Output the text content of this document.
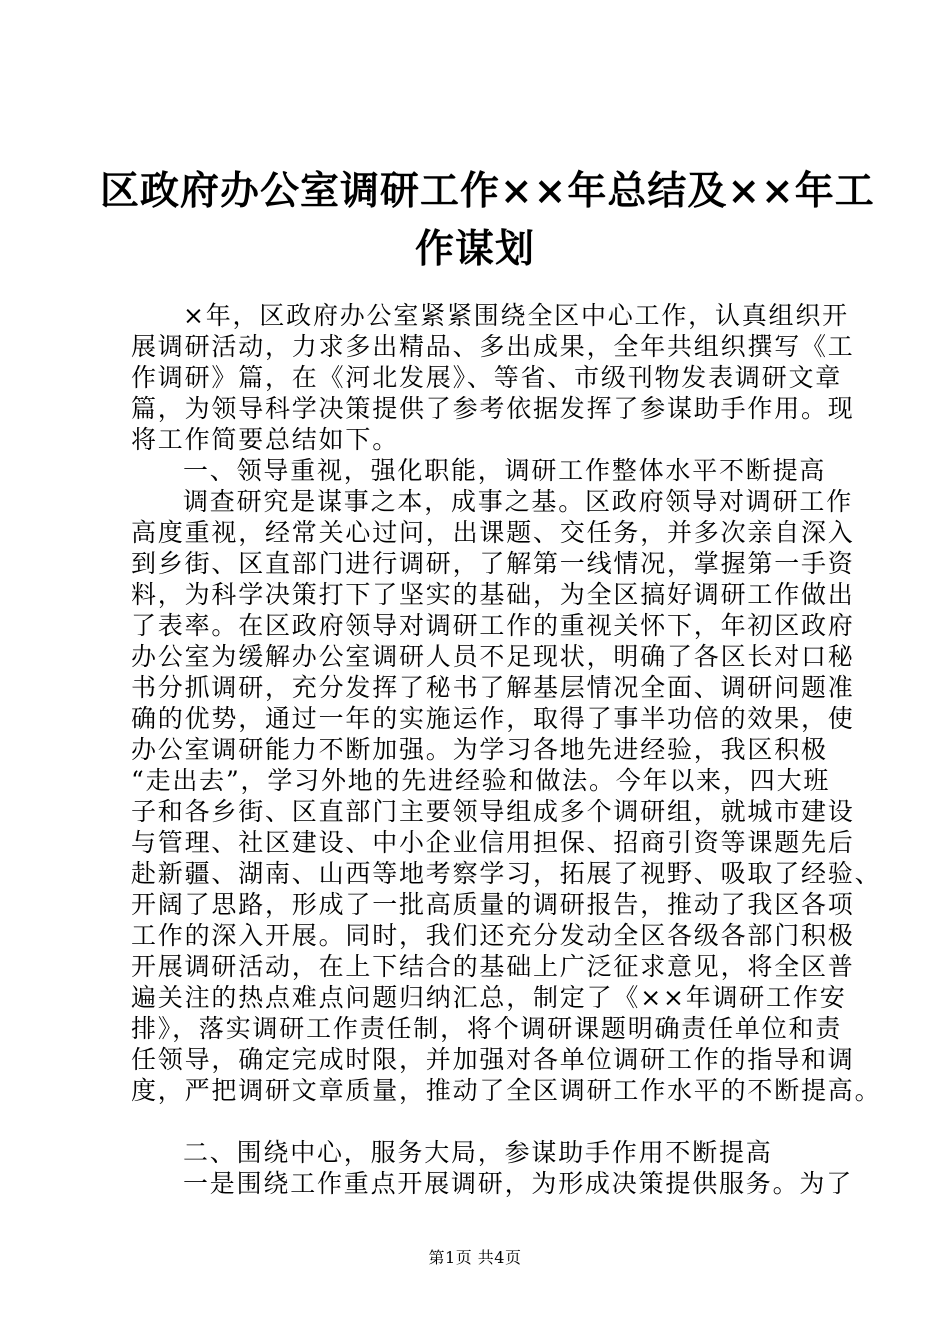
区政府办公室调研工作××年总结及××年工
作谋划
×年，区政府办公室紧紧围绕全区中心工作，认真组织开
展调研活动，力求多出精品、多出成果，全年共组织撰写《工
作调研》篇，在《河北发展》、等省、市级刊物发表调研文章
篇，为领导科学决策提供了参考依据发挥了参谋助手作用。现
将工作简要总结如下。
一、领导重视，强化职能，调研工作整体水平不断提高
调查研究是谋事之本，成事之基。区政府领导对调研工作
高度重视，经常关心过问，出课题、交任务，并多次亲自深入
到乡街、区直部门进行调研，了解第一线情况，掌握第一手资
料，为科学决策打下了坚实的基础，为全区搞好调研工作做出
了表率。在区政府领导对调研工作的重视关怀下，年初区政府
办公室为缓解办公室调研人员不足现状，明确了各区长对口秘
书分抓调研，充分发挥了秘书了解基层情况全面、调研问题准
确的优势，通过一年的实施运作，取得了事半功倍的效果，使
办公室调研能力不断加强。为学习各地先进经验，我区积极
“走出去”，学习外地的先进经验和做法。今年以来，四大班
子和各乡街、区直部门主要领导组成多个调研组，就城市建设
与管理、社区建设、中小企业信用担保、招商引资等课题先后
赴新疆、湖南、山西等地考察学习，拓展了视野、吸取了经验、
开阔了思路，形成了一批高质量的调研报告，推动了我区各项
工作的深入开展。同时，我们还充分发动全区各级各部门积极
开展调研活动，在上下结合的基础上广泛征求意见，将全区普
遍关注的热点难点问题归纳汇总，制定了《××年调研工作安
排》，落实调研工作责任制，将个调研课题明确责任单位和责
任领导，确定完成时限，并加强对各单位调研工作的指导和调
度，严把调研文章质量，推动了全区调研工作水平的不断提高。
二、围绕中心，服务大局，参谋助手作用不断提高
一是围绕工作重点开展调研，为形成决策提供服务。为了
第1页 共4页
